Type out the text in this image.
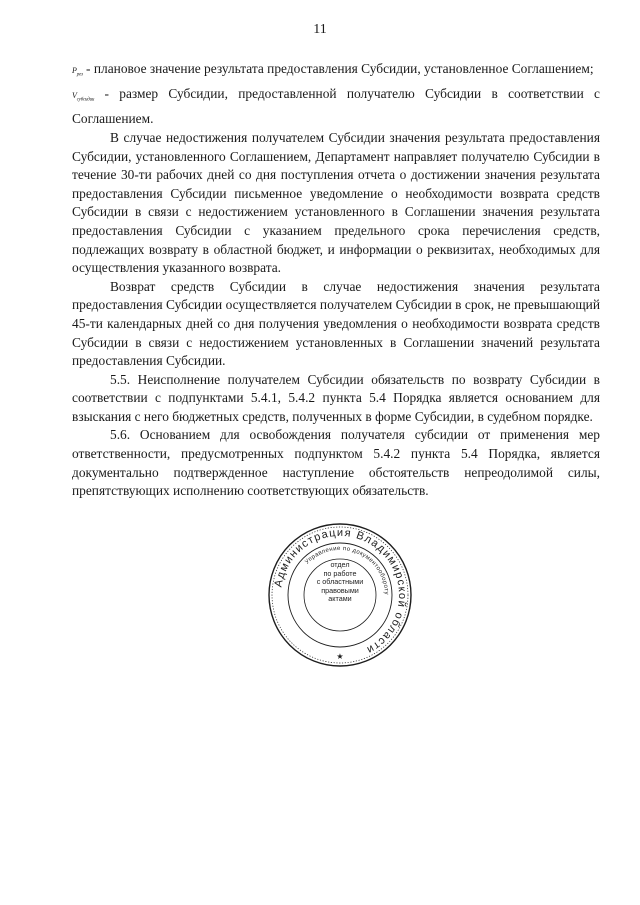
11

$P_{рез}$ - плановое значение результата предоставления Субсидии, установленное Соглашением;

$V_{субсидии}$ - размер Субсидии, предоставленной получателю Субсидии в соответствии с Соглашением.

В случае недостижения получателем Субсидии значения результата предоставления Субсидии, установленного Соглашением, Департамент направляет получателю Субсидии в течение 30-ти рабочих дней со дня поступления отчета о достижении значения результата предоставления Субсидии письменное уведомление о необходимости возврата средств Субсидии в связи с недостижением установленного в Соглашении значения результата предоставления Субсидии с указанием предельного срока перечисления средств, подлежащих возврату в областной бюджет, и информации о реквизитах, необходимых для осуществления указанного возврата.

Возврат средств Субсидии в случае недостижения значения результата предоставления Субсидии осуществляется получателем Субсидии в срок, не превышающий 45-ти календарных дней со дня получения уведомления о необходимости возврата средств Субсидии в связи с недостижением установленных в Соглашении значений результата предоставления Субсидии.

5.5. Неисполнение получателем Субсидии обязательств по возврату Субсидии в соответствии с подпунктами 5.4.1, 5.4.2 пункта 5.4 Порядка является основанием для взыскания с него бюджетных средств, полученных в форме Субсидии, в судебном порядке.

5.6. Основанием для освобождения получателя субсидии от применения мер ответственности, предусмотренных подпунктом 5.4.2 пункта 5.4 Порядка, является документально подтвержденное наступление обстоятельств непреодолимой силы, препятствующих исполнению соответствующих обязательств.

Администрация Владимирской области
Управление по документообороту
★
отдел
по работе
с областными
правовыми
актами
